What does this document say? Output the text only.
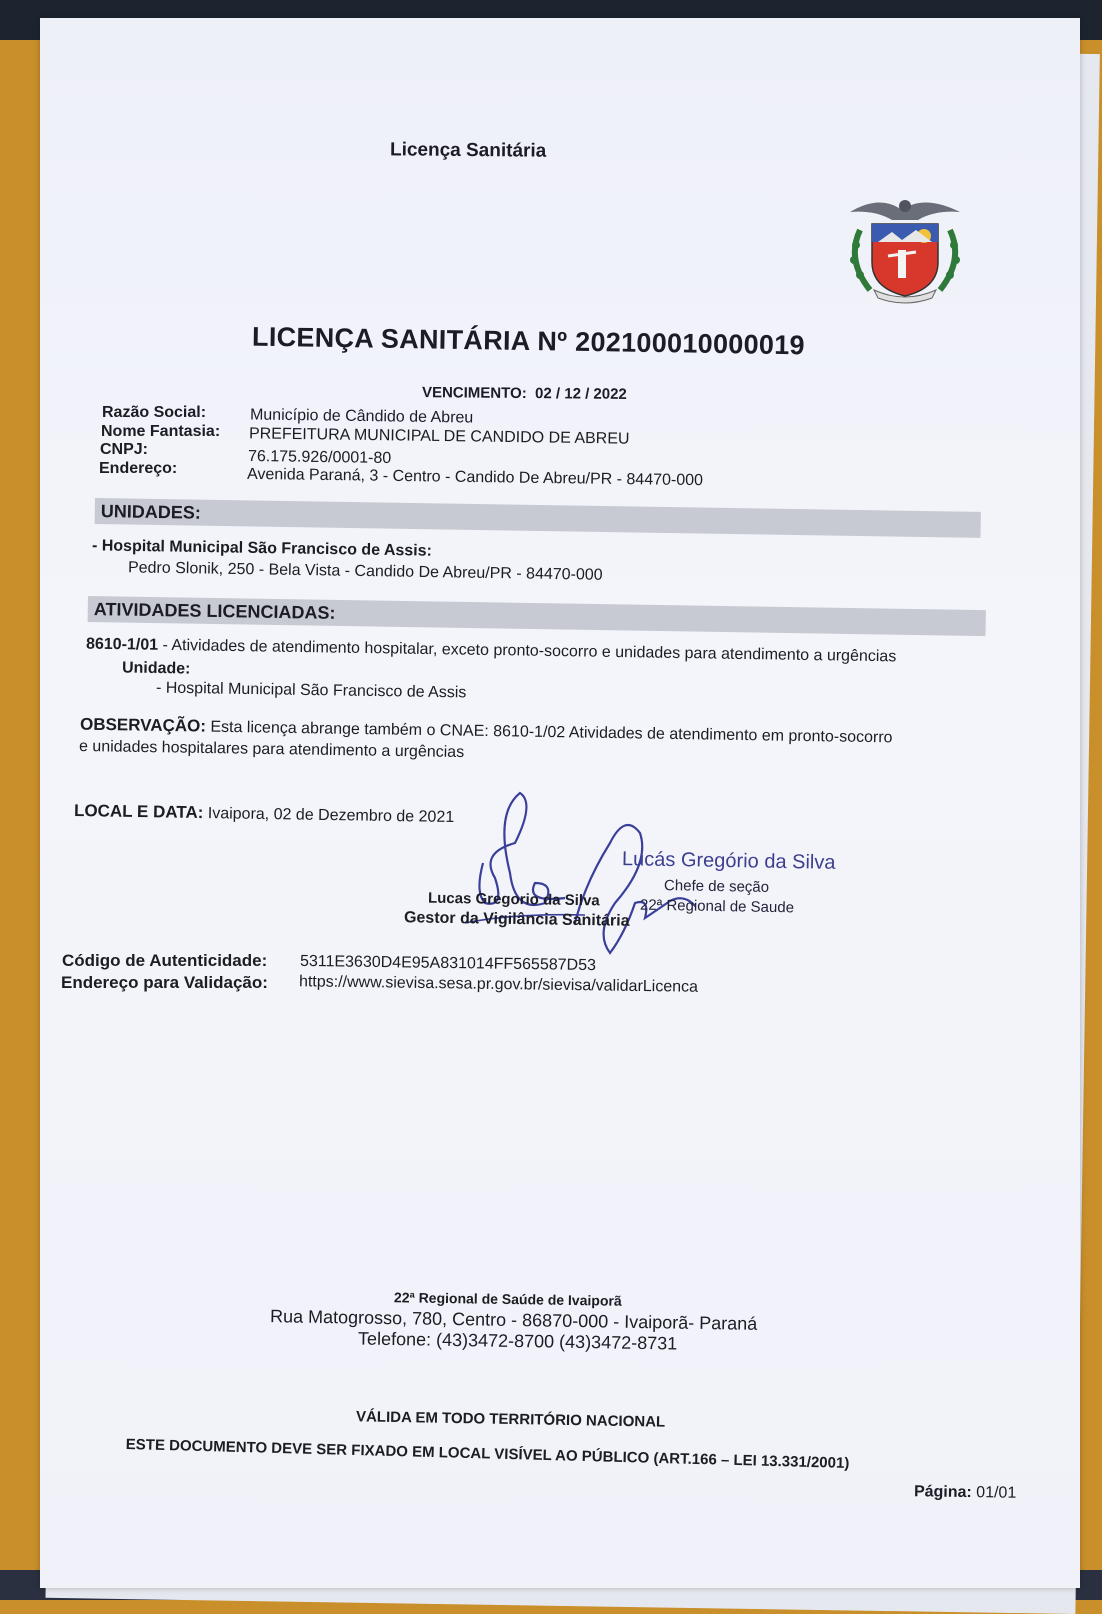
Licença Sanitária
LICENÇA SANITÁRIA Nº 202100010000019
VENCIMENTO: 02 / 12 / 2022
Razão Social:	Município de Cândido de Abreu
Nome Fantasia: PREFEITURA MUNICIPAL DE CANDIDO DE ABREU
CNPJ:	76.175.926/0001-80
Endereço:	Avenida Paraná, 3 - Centro - Candido De Abreu/PR - 84470-000
UNIDADES:
- Hospital Municipal São Francisco de Assis:
Pedro Slonik, 250 - Bela Vista - Candido De Abreu/PR - 84470-000
ATIVIDADES LICENCIADAS:
8610-1/01 - Atividades de atendimento hospitalar, exceto pronto-socorro e unidades para atendimento a urgências
Unidade:
- Hospital Municipal São Francisco de Assis
OBSERVAÇÃO: Esta licença abrange também o CNAE: 8610-1/02 Atividades de atendimento em pronto-socorro
e unidades hospitalares para atendimento a urgências
LOCAL E DATA: Ivaipora, 02 de Dezembro de 2021
Lucás Gregório da Silva
Chefe de seção
22ª Regional de Saude
Lucas Gregorio da Silva
Gestor da Vigilância Sanitária
Código de Autenticidade: 5311E3630D4E95A831014FF565587D53
Endereço para Validação: https://www.sievisa.sesa.pr.gov.br/sievisa/validarLicenca
22ª Regional de Saúde de Ivaiporã
Rua Matogrosso, 780, Centro - 86870-000 - Ivaiporã- Paraná
Telefone: (43)3472-8700 (43)3472-8731
VÁLIDA EM TODO TERRITÓRIO NACIONAL
ESTE DOCUMENTO DEVE SER FIXADO EM LOCAL VISÍVEL AO PÚBLICO (ART.166 – LEI 13.331/2001)
Página: 01/01
